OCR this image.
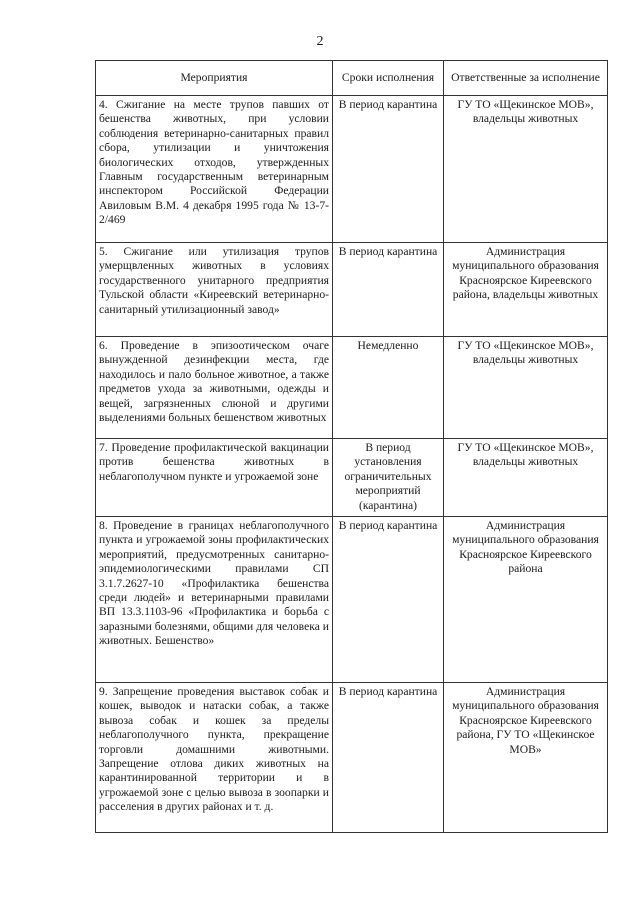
2
Мероприятия	Сроки исполнения	Ответственные за исполнение
4. Сжигание на месте трупов павших от бешенства животных, при условии соблюдения ветеринарно-санитарных правил сбора, утилизации и уничтожения биологических отходов, утвержденных Главным государственным ветеринарным инспектором Российской Федерации Авиловым В.М. 4 декабря 1995 года № 13-7-2/469	В период карантина	ГУ ТО «Щекинское МОВ», владельцы животных
5. Сжигание или утилизация трупов умерщвленных животных в условиях государственного унитарного предприятия Тульской области «Киреевский ветеринарно-санитарный утилизационный завод»	В период карантина	Администрация муниципального образования Красноярское Киреевского района, владельцы животных
6. Проведение в эпизоотическом очаге вынужденной дезинфекции места, где находилось и пало больное животное, а также предметов ухода за животными, одежды и вещей, загрязненных слюной и другими выделениями больных бешенством животных	Немедленно	ГУ ТО «Щекинское МОВ», владельцы животных
7. Проведение профилактической вакцинации против бешенства животных в неблагополучном пункте и угрожаемой зоне	В период установления ограничительных мероприятий (карантина)	ГУ ТО «Щекинское МОВ», владельцы животных
8. Проведение в границах неблагополучного пункта и угрожаемой зоны профилактических мероприятий, предусмотренных санитарно-эпидемиологическими правилами СП 3.1.7.2627-10 «Профилактика бешенства среди людей» и ветеринарными правилами ВП 13.3.1103-96 «Профилактика и борьба с заразными болезнями, общими для человека и животных. Бешенство»	В период карантина	Администрация муниципального образования Красноярское Киреевского района
9. Запрещение проведения выставок собак и кошек, выводок и натаски собак, а также вывоза собак и кошек за пределы неблагополучного пункта, прекращение торговли домашними животными. Запрещение отлова диких животных на карантинированной территории и в угрожаемой зоне с целью вывоза в зоопарки и расселения в других районах и т. д.	В период карантина	Администрация муниципального образования Красноярское Киреевского района, ГУ ТО «Щекинское МОВ»
